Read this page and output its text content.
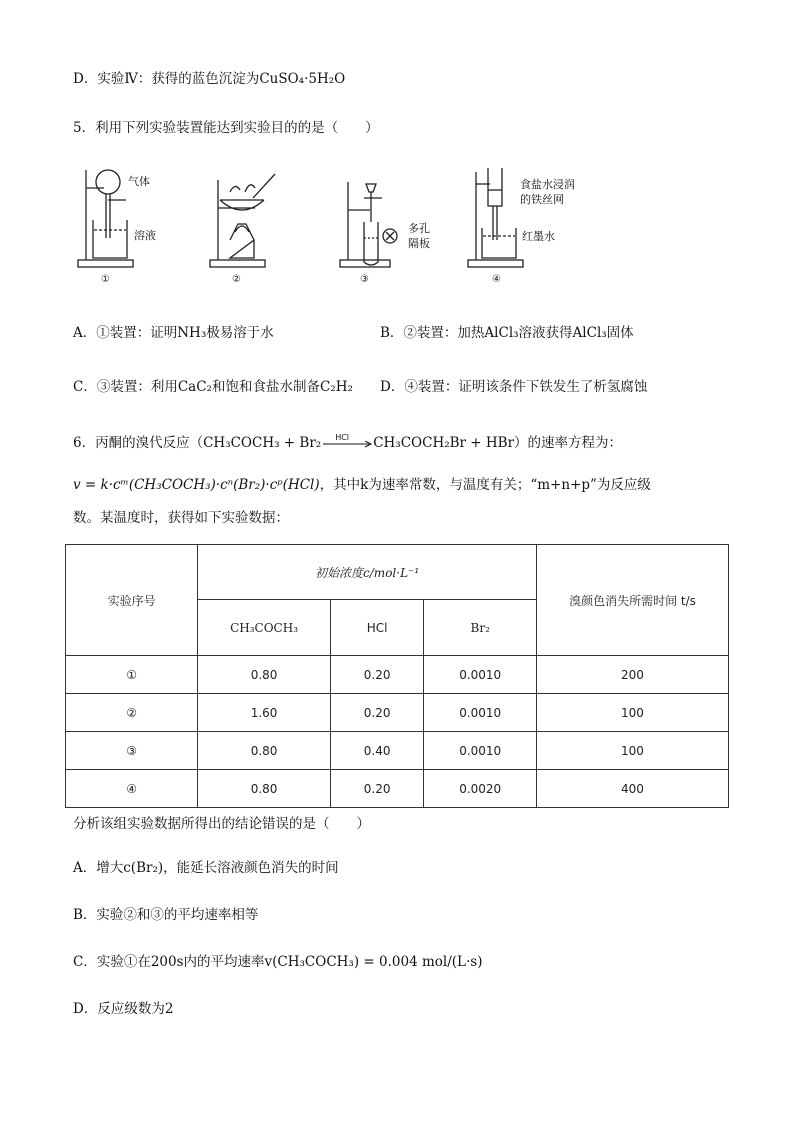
D．实验Ⅳ：获得的蓝色沉淀为CuSO₄·5H₂O
5．利用下列实验装置能达到实验目的的是（　　）
气体
溶液
多孔
隔板
食盐水浸润
的铁丝网
红墨水
①	②	③	④
A．①装置：证明NH₃极易溶于水	B．②装置：加热AlCl₃溶液获得AlCl₃固体
C．③装置：利用CaC₂和饱和食盐水制备C₂H₂ D．④装置：证明该条件下铁发生了析氢腐蚀
6．丙酮的溴代反应（CH₃COCH₃ + Br₂ HCl CH₃COCH₂Br + HBr）的速率方程为：
v = k·cᵐ(CH₃COCH₃)·cⁿ(Br₂)·cᵖ(HCl)，其中k为速率常数，与温度有关；“m+n+p”为反应级
数。某温度时，获得如下实验数据：
实验序号	初始浓度c/mol·L⁻¹			溴颜色消失所需时间 t/s
	CH₃COCH₃	HCl	Br₂	
①	0.80	0.20	0.0010	200
②	1.60	0.20	0.0010	100
③	0.80	0.40	0.0010	100
④	0.80	0.20	0.0020	400
分析该组实验数据所得出的结论错误的是（　　）
A．增大c(Br₂)，能延长溶液颜色消失的时间
B．实验②和③的平均速率相等
C．实验①在200s内的平均速率v(CH₃COCH₃) = 0.004 mol/(L·s)
D．反应级数为2
